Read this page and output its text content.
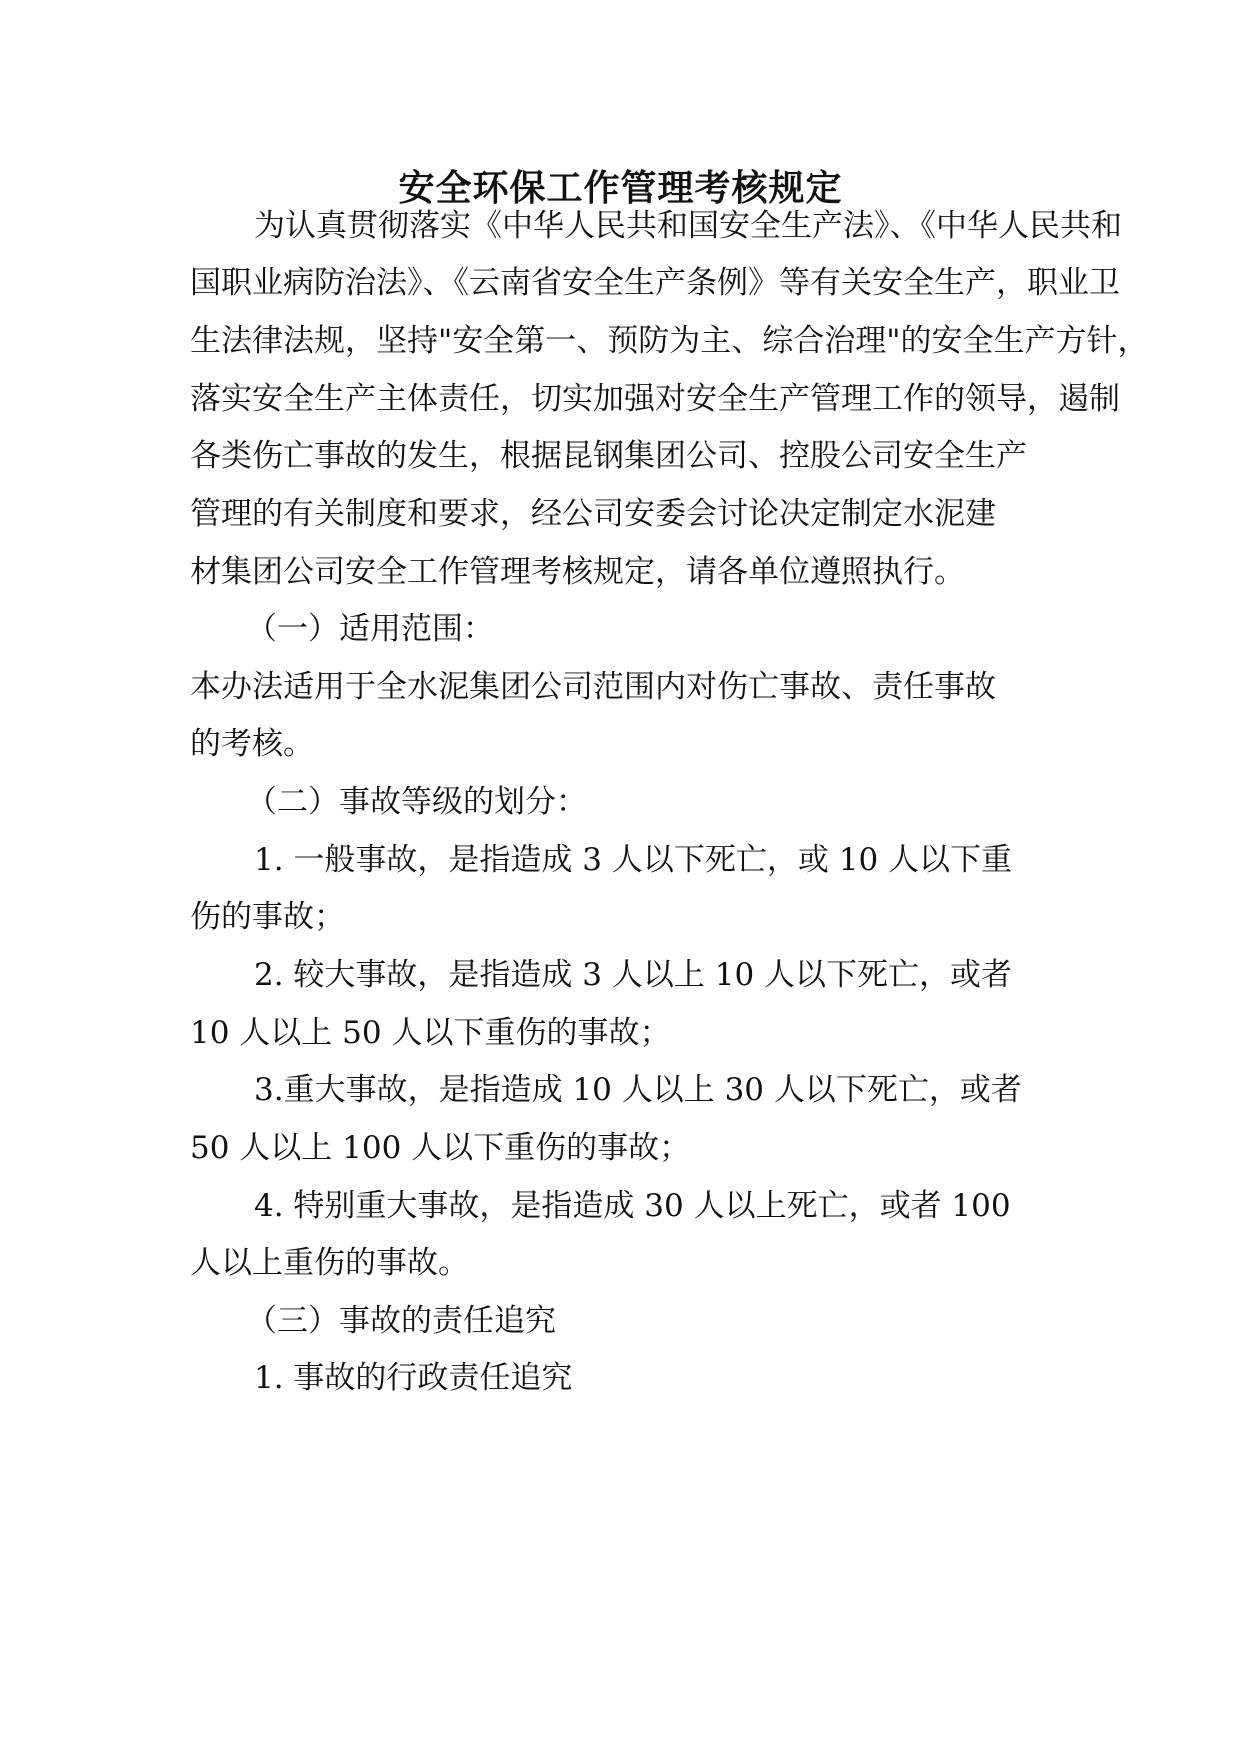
安全环保工作管理考核规定
为认真贯彻落实《中华人民共和国安全生产法》、《中华人民共和
国职业病防治法》、《云南省安全生产条例》等有关安全生产，职业卫
生法律法规，坚持"安全第一、预防为主、综合治理"的安全生产方针，
落实安全生产主体责任，切实加强对安全生产管理工作的领导，遏制
各类伤亡事故的发生，根据昆钢集团公司、控股公司安全生产
管理的有关制度和要求，经公司安委会讨论决定制定水泥建
材集团公司安全工作管理考核规定，请各单位遵照执行。
（一）适用范围：
本办法适用于全水泥集团公司范围内对伤亡事故、责任事故
的考核。
（二）事故等级的划分：
1. 一般事故，是指造成 3 人以下死亡，或 10 人以下重
伤的事故；
2. 较大事故，是指造成 3 人以上 10 人以下死亡，或者
10 人以上 50 人以下重伤的事故；
3.重大事故，是指造成 10 人以上 30 人以下死亡，或者
50 人以上 100 人以下重伤的事故；
4. 特别重大事故，是指造成 30 人以上死亡，或者 100
人以上重伤的事故。
（三）事故的责任追究
1. 事故的行政责任追究
